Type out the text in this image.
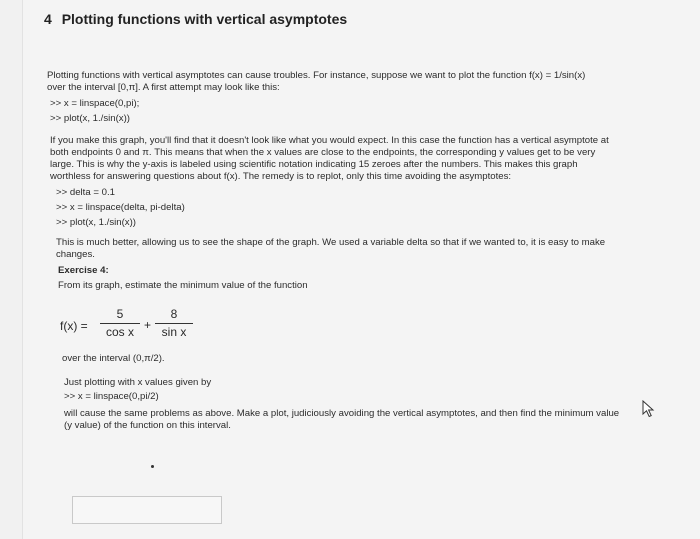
4 Plotting functions with vertical asymptotes
Plotting functions with vertical asymptotes can cause troubles. For instance, suppose we want to plot the function f(x) = 1/sin(x)
over the interval [0,π]. A first attempt may look like this:
>> x = linspace(0,pi);
>> plot(x, 1./sin(x))
If you make this graph, you'll find that it doesn't look like what you would expect. In this case the function has a vertical asymptote at
both endpoints 0 and π. This means that when the x values are close to the endpoints, the corresponding y values get to be very
large. This is why the y-axis is labeled using scientific notation indicating 15 zeroes after the numbers. This makes this graph
worthless for answering questions about f(x). The remedy is to replot, only this time avoiding the asymptotes:
>> delta = 0.1
>> x = linspace(delta, pi-delta)
>> plot(x, 1./sin(x))
This is much better, allowing us to see the shape of the graph. We used a variable delta so that if we wanted to, it is easy to make
changes.
Exercise 4:
From its graph, estimate the minimum value of the function
f(x) =
5
cos x +
8
sin x
over the interval (0,π/2).
Just plotting with x values given by
>> x = linspace(0,pi/2)
will cause the same problems as above. Make a plot, judiciously avoiding the vertical asymptotes, and then find the minimum value
(y value) of the function on this interval.
